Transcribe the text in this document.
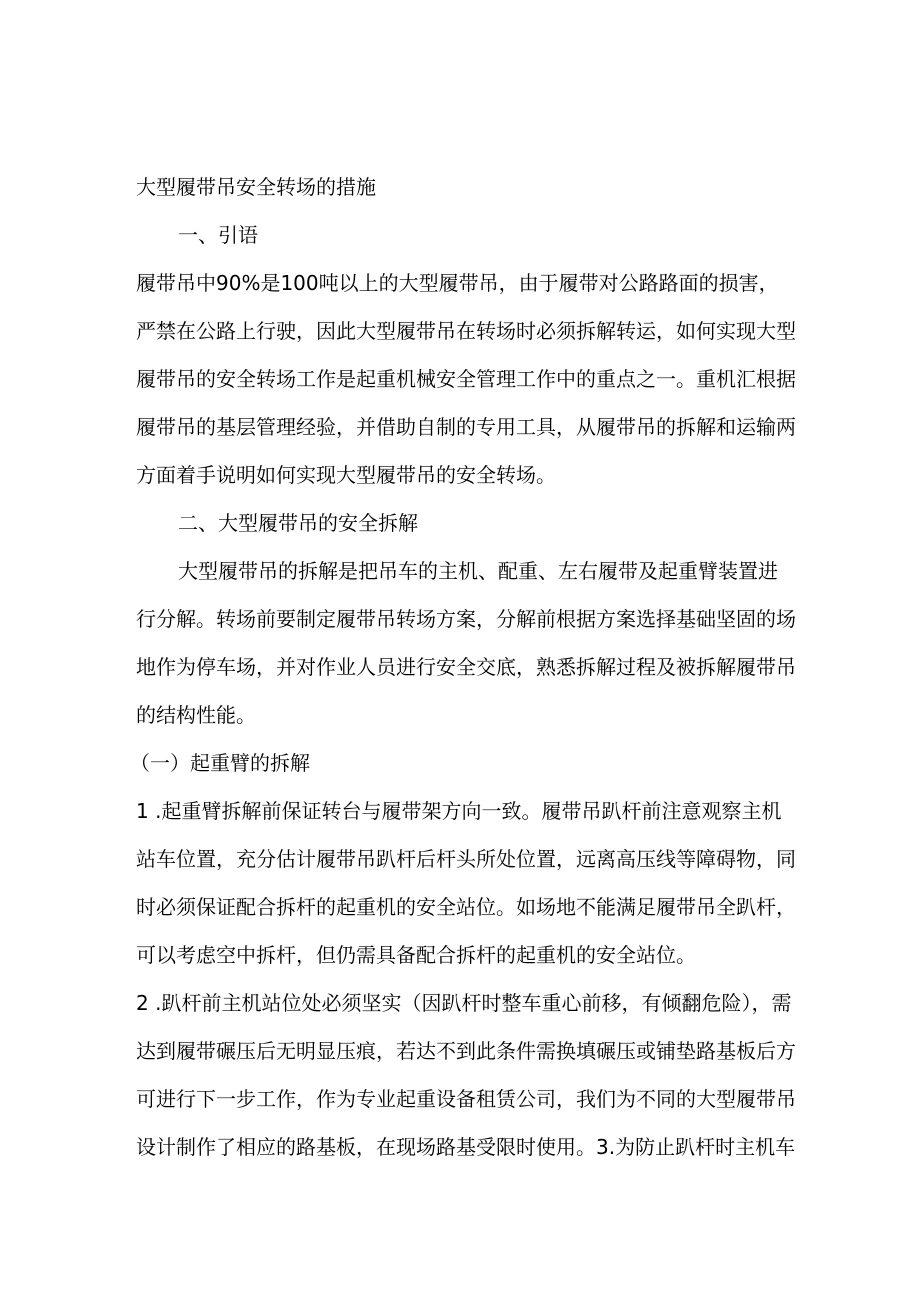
大型履带吊安全转场的措施
一、引语
履带吊中90%是100吨以上的大型履带吊，由于履带对公路路面的损害，
严禁在公路上行驶，因此大型履带吊在转场时必须拆解转运，如何实现大型
履带吊的安全转场工作是起重机械安全管理工作中的重点之一。重机汇根据
履带吊的基层管理经验，并借助自制的专用工具，从履带吊的拆解和运输两
方面着手说明如何实现大型履带吊的安全转场。
二、大型履带吊的安全拆解
大型履带吊的拆解是把吊车的主机、配重、左右履带及起重臂装置进
行分解。转场前要制定履带吊转场方案，分解前根据方案选择基础坚固的场
地作为停车场，并对作业人员进行安全交底，熟悉拆解过程及被拆解履带吊
的结构性能。
（一）起重臂的拆解
1 .起重臂拆解前保证转台与履带架方向一致。履带吊趴杆前注意观察主机
站车位置，充分估计履带吊趴杆后杆头所处位置，远离高压线等障碍物，同
时必须保证配合拆杆的起重机的安全站位。如场地不能满足履带吊全趴杆，
可以考虑空中拆杆，但仍需具备配合拆杆的起重机的安全站位。
2 .趴杆前主机站位处必须坚实（因趴杆时整车重心前移，有倾翻危险），需
达到履带碾压后无明显压痕，若达不到此条件需换填碾压或铺垫路基板后方
可进行下一步工作，作为专业起重设备租赁公司，我们为不同的大型履带吊
设计制作了相应的路基板，在现场路基受限时使用。3.为防止趴杆时主机车
